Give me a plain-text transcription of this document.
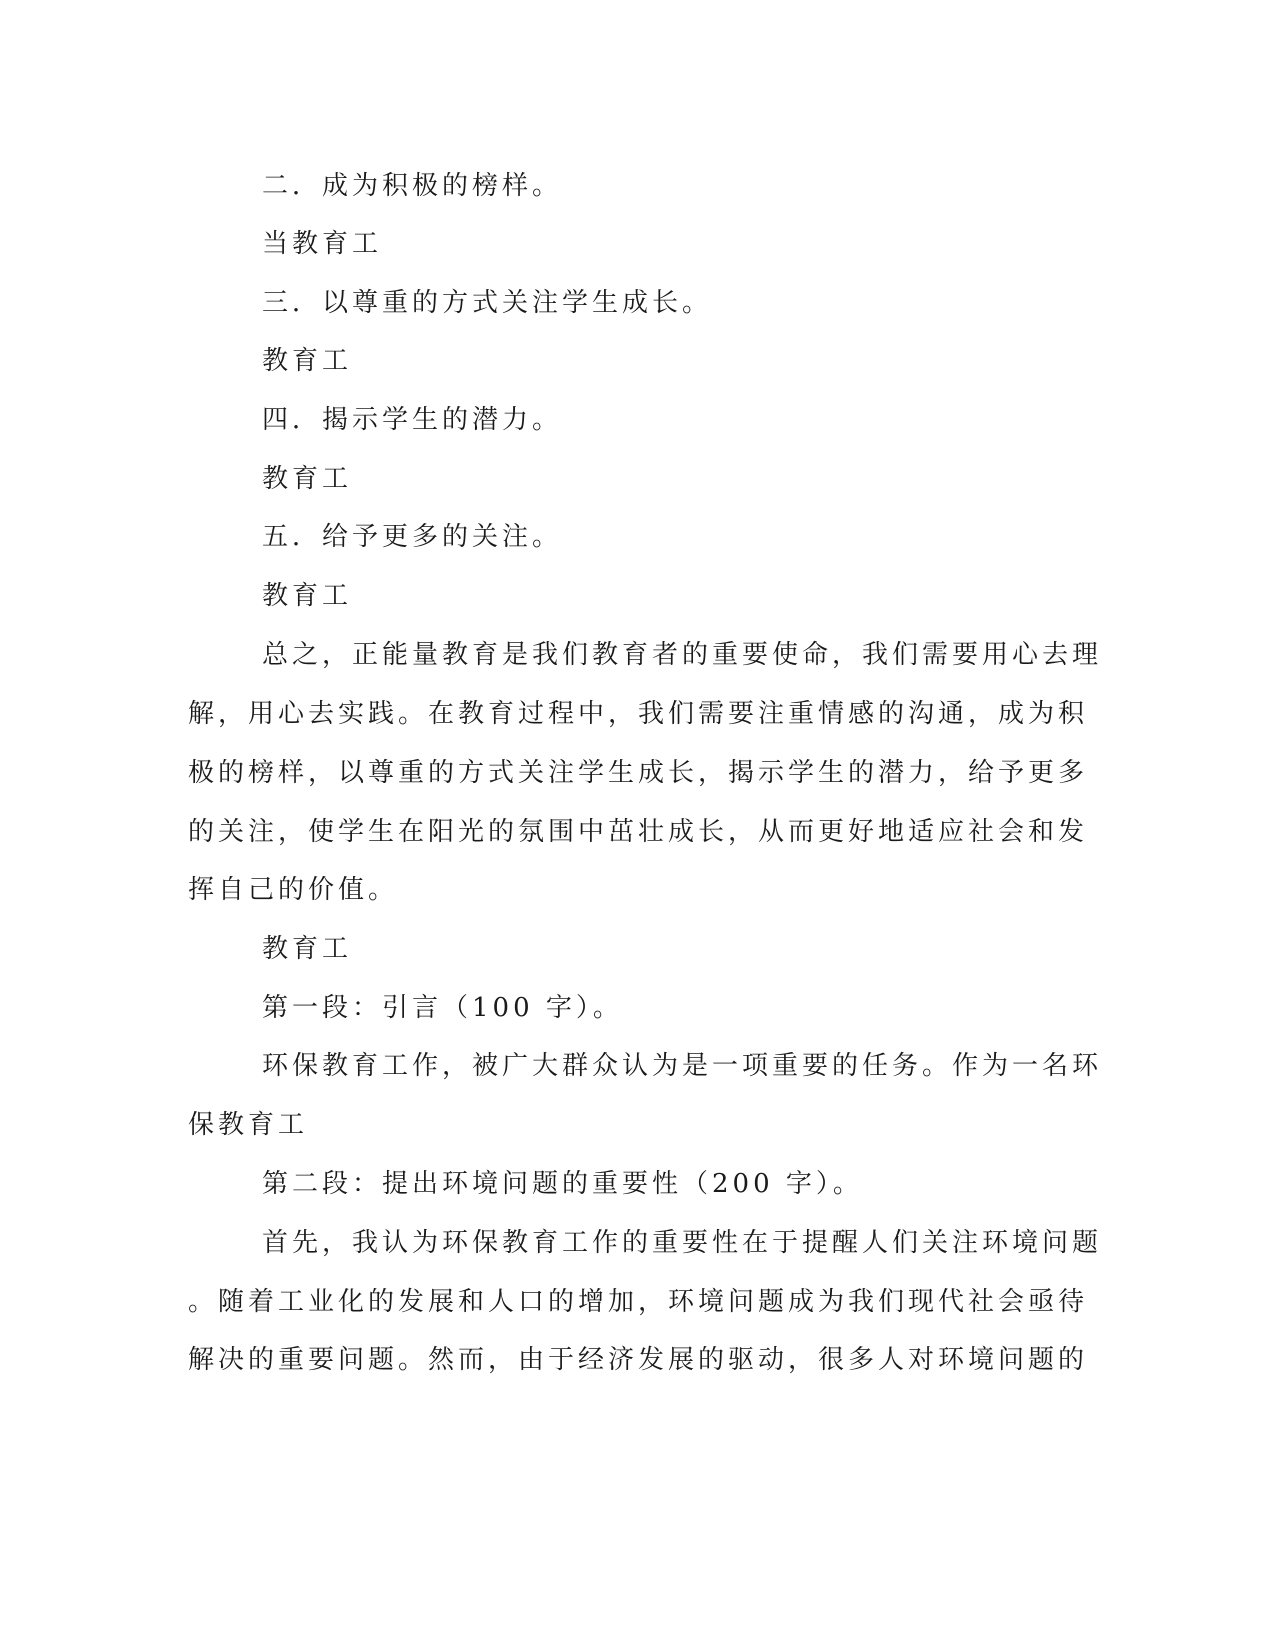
二．成为积极的榜样。
当教育工
三．以尊重的方式关注学生成长。
教育工
四．揭示学生的潜力。
教育工
五．给予更多的关注。
教育工
总之，正能量教育是我们教育者的重要使命，我们需要用心去理
解，用心去实践。在教育过程中，我们需要注重情感的沟通，成为积
极的榜样，以尊重的方式关注学生成长，揭示学生的潜力，给予更多
的关注，使学生在阳光的氛围中茁壮成长，从而更好地适应社会和发
挥自己的价值。
教育工
第一段：引言（100 字）。
环保教育工作，被广大群众认为是一项重要的任务。作为一名环
保教育工
第二段：提出环境问题的重要性（200 字）。
首先，我认为环保教育工作的重要性在于提醒人们关注环境问题
。随着工业化的发展和人口的增加，环境问题成为我们现代社会亟待
解决的重要问题。然而，由于经济发展的驱动，很多人对环境问题的
